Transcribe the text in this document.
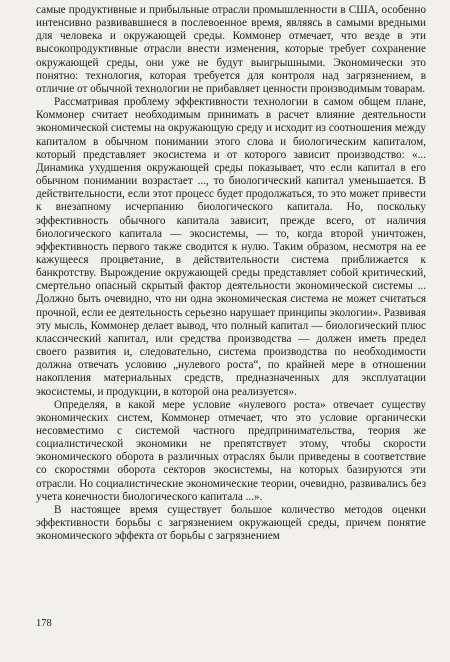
самые продуктивные и прибыльные отрасли промышленности в США, особенно интенсивно развивавшиеся в послевоенное время, являясь в самыми вредными для человека и окружающей среды. Коммонер отмечает, что везде в эти высокопродуктивные отрасли внести изменения, которые требует сохранение окружающей среды, они уже не будут выигрышными. Экономически это понятно: технология, которая требуется для контроля над загрязнением, в отличие от обычной технологии не прибавляет ценности производимым товарам.

Рассматривая проблему эффективности технологии в самом общем плане, Коммонер считает необходимым принимать в расчет влияние деятельности экономической системы на окружающую среду и исходит из соотношения между капиталом в обычном понимании этого слова и биологическим капиталом, который представляет экосистема и от которого зависит производство: «... Динамика ухудшения окружающей среды показывает, что если капитал в его обычном понимании возрастает ..., то биологический капитал уменьшается. В действительности, если этот процесс будет продолжаться, то это может привести к внезапному исчерпанию биологического капитала. Но, поскольку эффективность обычного капитала зависит, прежде всего, от наличия биологического капитала — экосистемы, — то, когда второй уничтожен, эффективность первого также сводится к нулю. Таким образом, несмотря на ее кажущееся процветание, в действительности система приближается к банкротству. Вырождение окружающей среды представляет собой критический, смертельно опасный скрытый фактор деятельности экономической системы ... Должно быть очевидно, что ни одна экономическая система не может считаться прочной, если ее деятельность серьезно нарушает принципы экологии». Развивая эту мысль, Коммонер делает вывод, что полный капитал — биологический плюс классический капитал, или средства производства — должен иметь предел своего развития и, следовательно, система производства по необходимости должна отвечать условию „нулевого роста“, по крайней мере в отношении накопления материальных средств, предназначенных для эксплуатации экосистемы, и продукции, в которой она реализуется».

Определяя, в какой мере условие «нулевого роста» отвечает существу экономических систем, Коммонер отмечает, что это условие органически несовместимо с системой частного предпринимательства, теория же социалистической экономики не препятствует этому, чтобы скорости экономического оборота в различных отраслях были приведены в соответствие со скоростями оборота секторов экосистемы, на которых базируются эти отрасли. Но социалистические экономические теории, очевидно, развивались без учета конечности биологического капитала ...».

В настоящее время существует большое количество методов оценки эффективности борьбы с загрязнением окружающей среды, причем понятие экономического эффекта от борьбы с загрязнением

178
